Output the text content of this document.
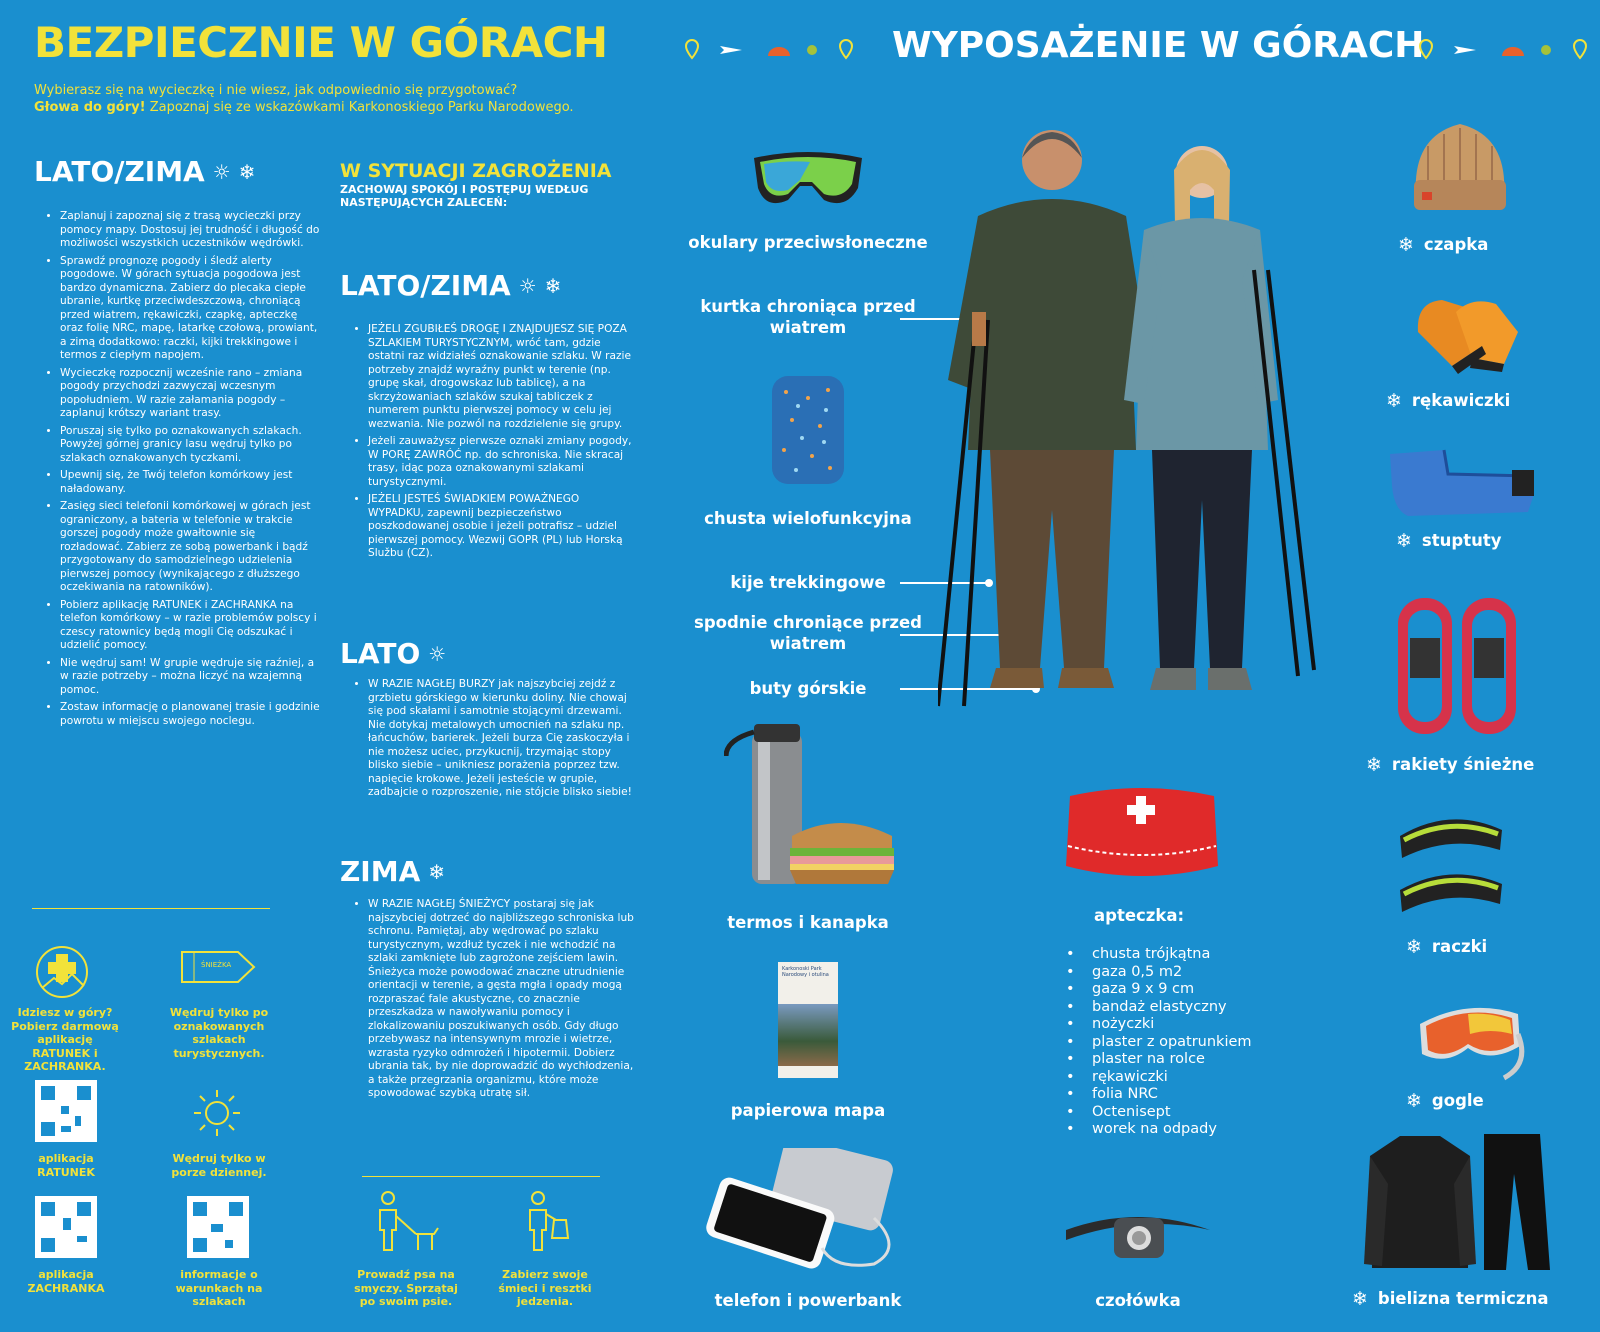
BEZPIECZNIE W GÓRACH
Wybierasz się na wycieczkę i nie wiesz, jak odpowiednio się przygotować?
Głowa do góry! Zapoznaj się ze wskazówkami Karkonoskiego Parku Narodowego.
LATO/ZIMA ☼ ❄
• Zaplanuj i zapoznaj się z trasą wycieczki przy pomocy mapy. Dostosuj jej trudność i długość do możliwości wszystkich uczestników wędrówki.
• Sprawdź prognozę pogody i śledź alerty pogodowe. W górach sytuacja pogodowa jest bardzo dynamiczna. Zabierz do plecaka ciepłe ubranie, kurtkę przeciwdeszczową, chroniącą przed wiatrem, rękawiczki, czapkę, apteczkę oraz folię NRC, mapę, latarkę czołową, prowiant, a zimą dodatkowo: raczki, kijki trekkingowe i termos z ciepłym napojem.
• Wycieczkę rozpocznij wcześnie rano – zmiana pogody przychodzi zazwyczaj wczesnym popołudniem. W razie załamania pogody – zaplanuj krótszy wariant trasy.
• Poruszaj się tylko po oznakowanych szlakach. Powyżej górnej granicy lasu wędruj tylko po szlakach oznakowanych tyczkami.
• Upewnij się, że Twój telefon komórkowy jest naładowany.
• Zasięg sieci telefonii komórkowej w górach jest ograniczony, a bateria w telefonie w trakcie gorszej pogody może gwałtownie się rozładować. Zabierz ze sobą powerbank i bądź przygotowany do samodzielnego udzielenia pierwszej pomocy (wynikającego z dłuższego oczekiwania na ratowników).
• Pobierz aplikację RATUNEK i ZACHRANKA na telefon komórkowy – w razie problemów polscy i czescy ratownicy będą mogli Cię odszukać i udzielić pomocy.
• Nie wędruj sam! W grupie wędruje się raźniej, a w razie potrzeby – można liczyć na wzajemną pomoc.
• Zostaw informację o planowanej trasie i godzinie powrotu w miejscu swojego noclegu.
W SYTUACJI ZAGROŻENIA
ZACHOWAJ SPOKÓJ I POSTĘPUJ WEDŁUG NASTĘPUJĄCYCH ZALECEŃ:
LATO/ZIMA ☼ ❄
• JEŻELI ZGUBIŁEŚ DROGĘ I ZNAJDUJESZ SIĘ POZA SZLAKIEM TURYSTYCZNYM, wróć tam, gdzie ostatni raz widziałeś oznakowanie szlaku. W razie potrzeby znajdź wyraźny punkt w terenie (np. grupę skał, drogowskaz lub tablicę), a na skrzyżowaniach szlaków szukaj tabliczek z numerem punktu pierwszej pomocy w celu jej wezwania. Nie pozwól na rozdzielenie się grupy.
• Jeżeli zauważysz pierwsze oznaki zmiany pogody, W PORĘ ZAWRÓĆ np. do schroniska. Nie skracaj trasy, idąc poza oznakowanymi szlakami turystycznymi.
• JEŻELI JESTEŚ ŚWIADKIEM POWAŻNEGO WYPADKU, zapewnij bezpieczeństwo poszkodowanej osobie i jeżeli potrafisz – udziel pierwszej pomocy. Wezwij GOPR (PL) lub Horską Službu (CZ).
LATO ☼
• W RAZIE NAGŁEJ BURZY jak najszybciej zejdź z grzbietu górskiego w kierunku doliny. Nie chowaj się pod skałami i samotnie stojącymi drzewami. Nie dotykaj metalowych umocnień na szlaku np. łańcuchów, barierek. Jeżeli burza Cię zaskoczyła i nie możesz uciec, przykucnij, trzymając stopy blisko siebie – unikniesz porażenia poprzez tzw. napięcie krokowe. Jeżeli jesteście w grupie, zadbajcie o rozproszenie, nie stójcie blisko siebie!
ZIMA ❄
• W RAZIE NAGŁEJ ŚNIEŻYCY postaraj się jak najszybciej dotrzeć do najbliższego schroniska lub schronu. Pamiętaj, aby wędrować po szlaku turystycznym, wzdłuż tyczek i nie wchodzić na szlaki zamknięte lub zagrożone zejściem lawin. Śnieżyca może powodować znaczne utrudnienie orientacji w terenie, a gęsta mgła i opady mogą rozpraszać fale akustyczne, co znacznie przeszkadza w nawoływaniu pomocy i zlokalizowaniu poszukiwanych osób. Gdy długo przebywasz na intensywnym mrozie i wietrze, wzrasta ryzyko odmrożeń i hipotermii. Dobierz ubrania tak, by nie doprowadzić do wychłodzenia, a także przegrzania organizmu, które może spowodować szybką utratę sił.
Idziesz w góry? Pobierz darmową aplikację RATUNEK i ZACHRANKA.
ŚNIEŻKA
Wędruj tylko po oznakowanych szlakach turystycznych.
aplikacja RATUNEK
Wędruj tylko w porze dziennej.
aplikacja ZACHRANKA
informacje o warunkach na szlakach
Prowadź psa na smyczy. Sprzątaj po swoim psie.
Zabierz swoje śmieci i resztki jedzenia.
WYPOSAŻENIE W GÓRACH
okulary przeciwsłoneczne
chusta wielofunkcyjna
kurtka chroniąca przed wiatrem
kije trekkingowe
spodnie chroniące przed wiatrem
buty górskie
termos i kanapka
Karkonoski Park Narodowy i otulina
papierowa mapa
telefon i powerbank
apteczka:
• chusta trójkątna
• gaza 0,5 m2
• gaza 9 x 9 cm
• bandaż elastyczny
• nożyczki
• plaster z opatrunkiem
• plaster na rolce
• rękawiczki
• folia NRC
• Octenisept
• worek na odpady
czołówka
❄ czapka
❄ rękawiczki
❄ stuptuty
❄ rakiety śnieżne
❄ raczki
❄ gogle
❄ bielizna termiczna
